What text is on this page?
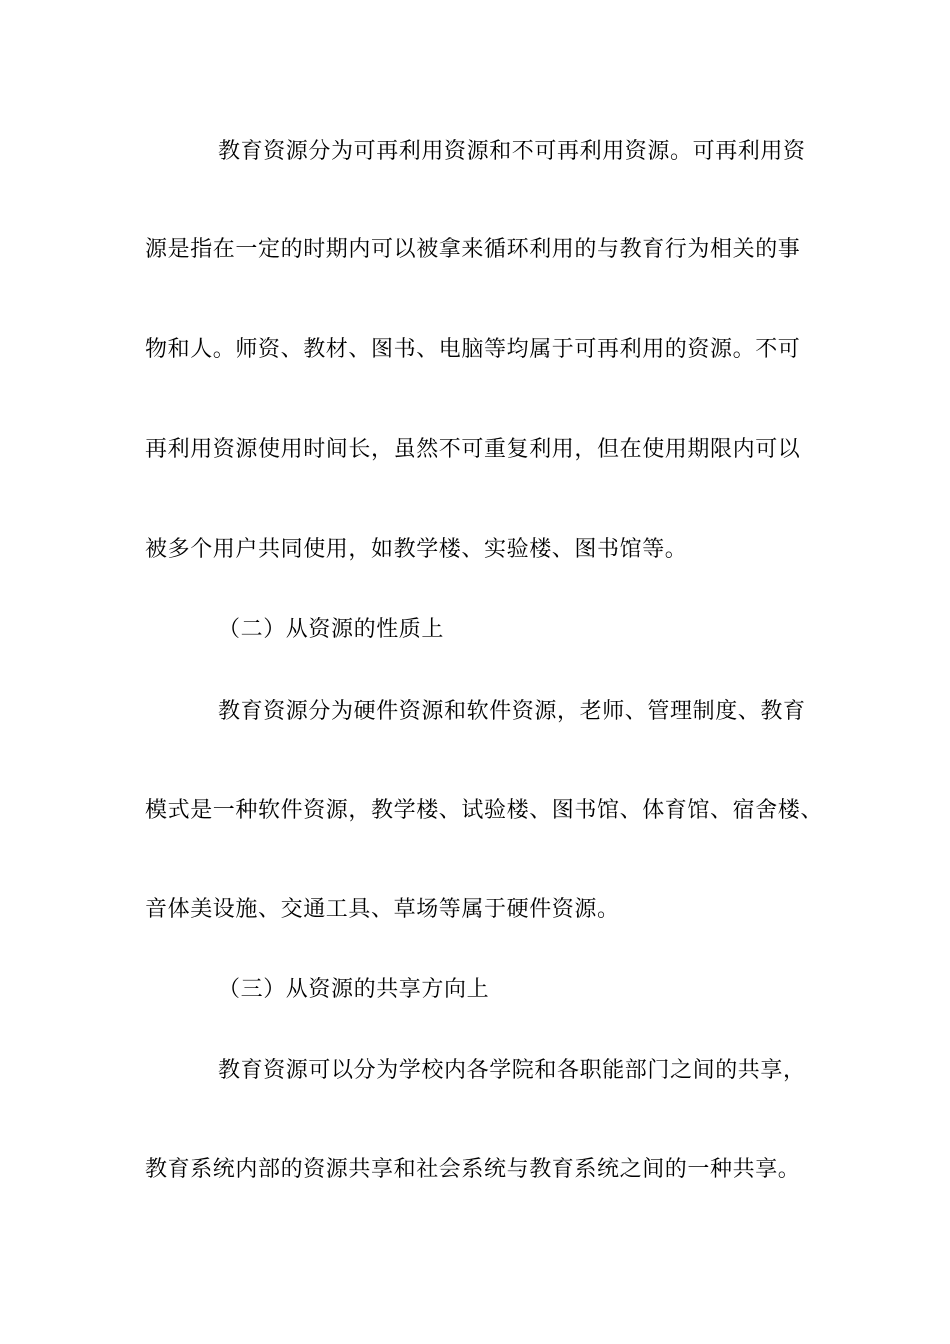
教育资源分为可再利用资源和不可再利用资源。可再利用资
源是指在一定的时期内可以被拿来循环利用的与教育行为相关的事
物和人。师资、教材、图书、电脑等均属于可再利用的资源。不可
再利用资源使用时间长，虽然不可重复利用，但在使用期限内可以
被多个用户共同使用，如教学楼、实验楼、图书馆等。
（二）从资源的性质上
教育资源分为硬件资源和软件资源，老师、管理制度、教育
模式是一种软件资源，教学楼、试验楼、图书馆、体育馆、宿舍楼、
音体美设施、交通工具、草场等属于硬件资源。
（三）从资源的共享方向上
教育资源可以分为学校内各学院和各职能部门之间的共享，
教育系统内部的资源共享和社会系统与教育系统之间的一种共享。
